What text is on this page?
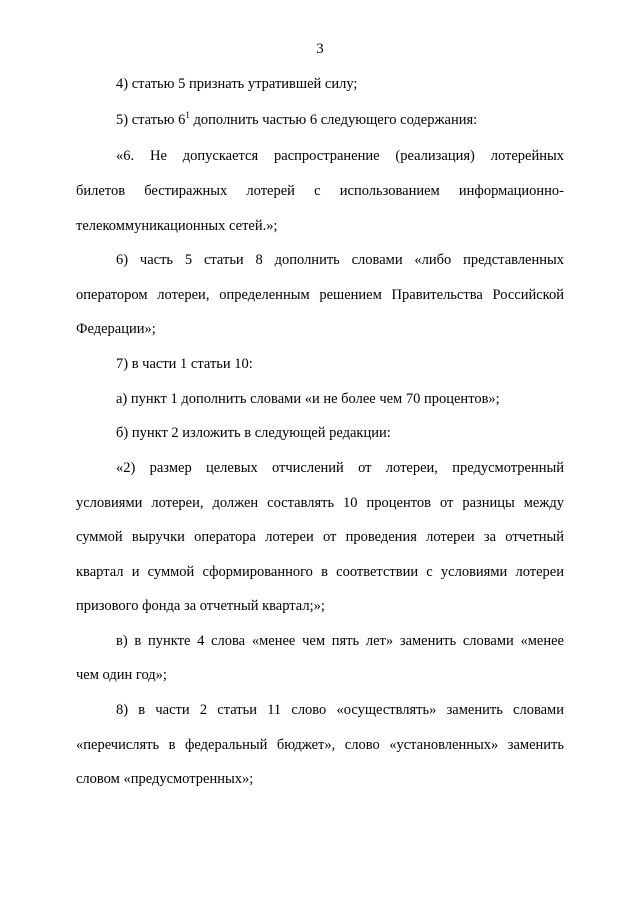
3
4) статью 5 признать утратившей силу;
5) статью $6^1$ дополнить частью 6 следующего содержания:
«6. Не допускается распространение (реализация) лотерейных
билетов бестиражных лотерей с использованием информационно-
телекоммуникационных сетей.»;
6) часть 5 статьи 8 дополнить словами «либо представленных
оператором лотереи, определенным решением Правительства Российской
Федерации»;
7) в части 1 статьи 10:
а) пункт 1 дополнить словами «и не более чем 70 процентов»;
б) пункт 2 изложить в следующей редакции:
«2) размер целевых отчислений от лотереи, предусмотренный
условиями лотереи, должен составлять 10 процентов от разницы между
суммой выручки оператора лотереи от проведения лотереи за отчетный
квартал и суммой сформированного в соответствии с условиями лотереи
призового фонда за отчетный квартал;»;
в) в пункте 4 слова «менее чем пять лет» заменить словами «менее
чем один год»;
8) в части 2 статьи 11 слово «осуществлять» заменить словами
«перечислять в федеральный бюджет», слово «установленных» заменить
словом «предусмотренных»;
